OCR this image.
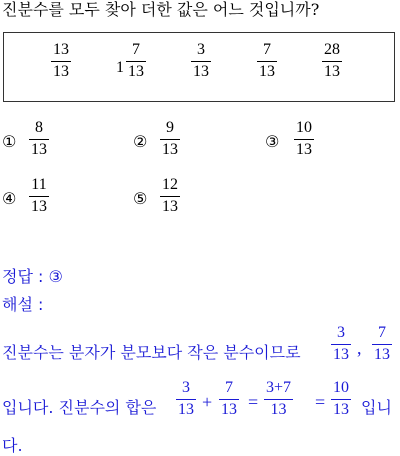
진분수를 모두 찾아 더한 값은 어느 것입니까?
13
13	1
7
13
3
13
7
13
28
13
①
8
13	②
9
13	③
10
13
④
11
13	⑤
12
13
정답 : ③
해설 :
진분수는 분자가 분모보다 작은 분수이므로
3
13 ,
7
13
입니다. 진분수의 합은
3
13 +
7
13 =
3+7
13 =
10
13 입니
다.
